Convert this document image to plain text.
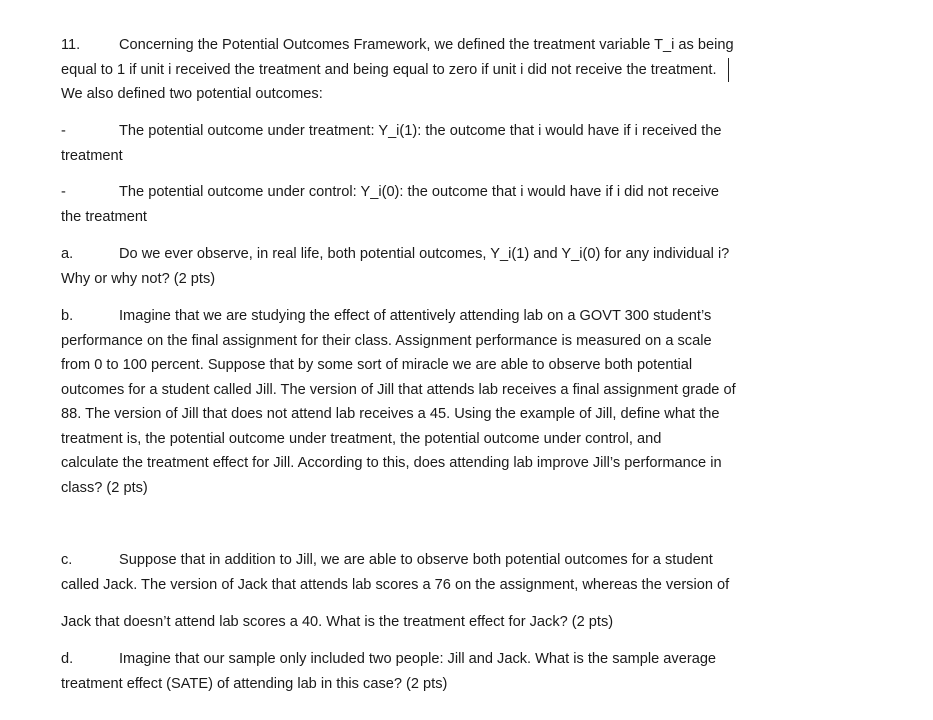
11.	Concerning the Potential Outcomes Framework, we defined the treatment variable T_i as being
equal to 1 if unit i received the treatment and being equal to zero if unit i did not receive the treatment.
We also defined two potential outcomes:

-	The potential outcome under treatment: Y_i(1): the outcome that i would have if i received the
treatment

-	The potential outcome under control: Y_i(0): the outcome that i would have if i did not receive
the treatment

a.	Do we ever observe, in real life, both potential outcomes, Y_i(1) and Y_i(0) for any individual i?
Why or why not? (2 pts)

b.	Imagine that we are studying the effect of attentively attending lab on a GOVT 300 student’s
performance on the final assignment for their class. Assignment performance is measured on a scale
from 0 to 100 percent. Suppose that by some sort of miracle we are able to observe both potential
outcomes for a student called Jill. The version of Jill that attends lab receives a final assignment grade of
88. The version of Jill that does not attend lab receives a 45. Using the example of Jill, define what the
treatment is, the potential outcome under treatment, the potential outcome under control, and
calculate the treatment effect for Jill. According to this, does attending lab improve Jill’s performance in
class? (2 pts)

c.	Suppose that in addition to Jill, we are able to observe both potential outcomes for a student
called Jack. The version of Jack that attends lab scores a 76 on the assignment, whereas the version of

Jack that doesn’t attend lab scores a 40. What is the treatment effect for Jack? (2 pts)

d.	Imagine that our sample only included two people: Jill and Jack. What is the sample average
treatment effect (SATE) of attending lab in this case? (2 pts)
